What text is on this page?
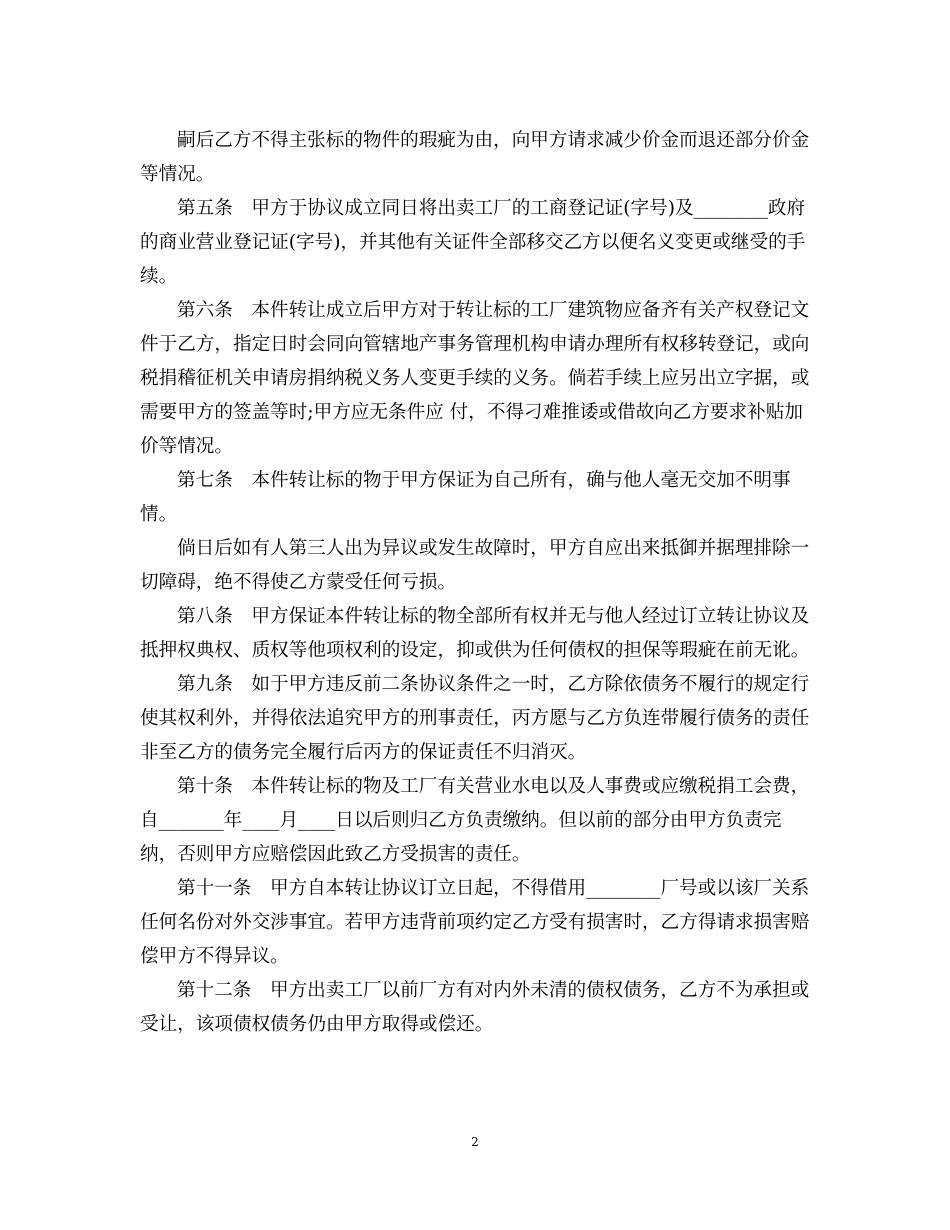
嗣后乙方不得主张标的物件的瑕疵为由，向甲方请求减少价金而退还部分价金
等情况。
第五条　甲方于协议成立同日将出卖工厂的工商登记证(字号)及________政府
的商业营业登记证(字号)，并其他有关证件全部移交乙方以便名义变更或继受的手
续。
第六条　本件转让成立后甲方对于转让标的工厂建筑物应备齐有关产权登记文
件于乙方，指定日时会同向管辖地产事务管理机构申请办理所有权移转登记，或向
税捐稽征机关申请房捐纳税义务人变更手续的义务。倘若手续上应另出立字据，或
需要甲方的签盖等时;甲方应无条件应 付，不得刁难推诿或借故向乙方要求补贴加
价等情况。
第七条　本件转让标的物于甲方保证为自己所有，确与他人毫无交加不明事
情。
倘日后如有人第三人出为异议或发生故障时，甲方自应出来抵御并据理排除一
切障碍，绝不得使乙方蒙受任何亏损。
第八条　甲方保证本件转让标的物全部所有权并无与他人经过订立转让协议及
抵押权典权、质权等他项权利的设定，抑或供为任何债权的担保等瑕疵在前无讹。
第九条　如于甲方违反前二条协议条件之一时，乙方除依债务不履行的规定行
使其权利外，并得依法追究甲方的刑事责任，丙方愿与乙方负连带履行债务的责任
非至乙方的债务完全履行后丙方的保证责任不归消灭。
第十条　本件转让标的物及工厂有关营业水电以及人事费或应缴税捐工会费，
自_______年____月____日以后则归乙方负责缴纳。但以前的部分由甲方负责完
纳，否则甲方应赔偿因此致乙方受损害的责任。
第十一条　甲方自本转让协议订立日起，不得借用________厂号或以该厂关系
任何名份对外交涉事宜。若甲方违背前项约定乙方受有损害时，乙方得请求损害赔
偿甲方不得异议。
第十二条　甲方出卖工厂以前厂方有对内外未清的债权债务，乙方不为承担或
受让，该项债权债务仍由甲方取得或偿还。
2
